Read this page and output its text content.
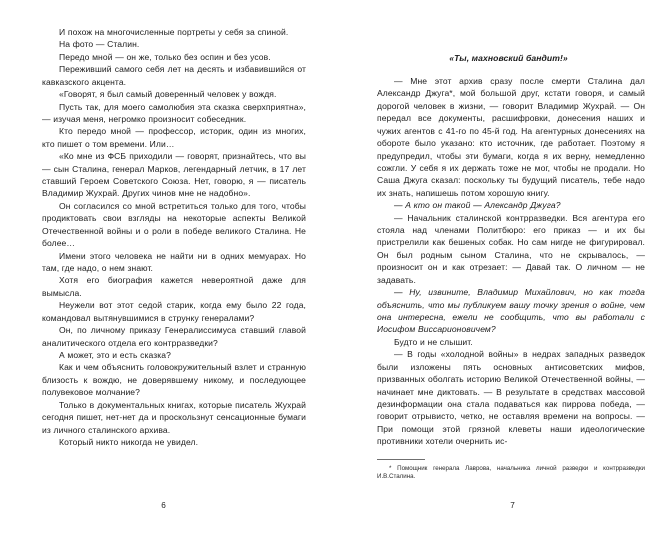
И похож на многочисленные портреты у себя за спиной.

На фото — Сталин.

Передо мной — он же, только без оспин и без усов.

Переживший самого себя лет на десять и избавившийся от кавказского акцента.

«Говорят, я был самый доверенный человек у вождя.

Пусть так, для моего самолюбия эта сказка сверхприятна», — изучая меня, негромко произносит собеседник.

Кто передо мной — профессор, историк, один из многих, кто пишет о том времени. Или…

«Ко мне из ФСБ приходили — говорят, признайтесь, что вы — сын Сталина, генерал Марков, легендарный летчик, в 17 лет ставший Героем Советского Союза. Нет, говорю, я — писатель Владимир Жухрай. Других чинов мне не надобно».

Он согласился со мной встретиться только для того, чтобы продиктовать свои взгляды на некоторые аспекты Великой Отечественной войны и о роли в победе великого Сталина. Не более…

Имени этого человека не найти ни в одних мемуарах. Но там, где надо, о нем знают.

Хотя его биография кажется невероятной даже для вымысла.

Неужели вот этот седой старик, когда ему было 22 года, командовал вытянувшимися в струнку генералами?

Он, по личному приказу Генералиссимуса ставший главой аналитического отдела его контрразведки?

А может, это и есть сказка?

Как и чем объяснить головокружительный взлет и странную близость к вождю, не доверявшему никому, и последующее полувековое молчание?

Только в документальных книгах, которые писатель Жухрай сегодня пишет, нет-нет да и проскользнут сенсационные бумаги из личного сталинского архива.

Который никто никогда не увидел.

6
«Ты, махновский бандит!»

— Мне этот архив сразу после смерти Сталина дал Александр Джуга*, мой большой друг, кстати говоря, и самый дорогой человек в жизни, — говорит Владимир Жухрай. — Он передал все документы, расшифровки, донесения наших и чужих агентов с 41-го по 45-й год. На агентурных донесениях на обороте было указано: кто источник, где работает. Поэтому я предупредил, чтобы эти бумаги, когда я их верну, немедленно сожгли. У себя я их держать тоже не мог, чтобы не продали. Но Саша Джуга сказал: поскольку ты будущий писатель, тебе надо их знать, напишешь потом хорошую книгу.

— А кто он такой — Александр Джуга?

— Начальник сталинской контрразведки. Вся агентура его стояла над членами Политбюро: его приказ — и их бы пристрелили как бешеных собак. Но сам нигде не фигурировал. Он был родным сыном Сталина, что не скрывалось, — произносит он и как отрезает: — Давай так. О личном — не задавать.

— Ну, извините, Владимир Михайлович, но как тогда объяснить, что мы публикуем вашу точку зрения о войне, чем она интересна, ежели не сообщить, что вы работали с Иосифом Виссарионовичем?

Будто и не слышит.

— В годы «холодной войны» в недрах западных разведок были изложены пять основных антисоветских мифов, призванных оболгать историю Великой Отечественной войны, — начинает мне диктовать. — В результате в средствах массовой дезинформации она стала подаваться как пиррова победа, — говорит отрывисто, четко, не оставляя времени на вопросы. — При помощи этой грязной клеветы наши идеологические противники хотели очернить ис-

* Помощник генерала Лаврова, начальника личной разведки и контрразведки И.В.Сталина.

7
